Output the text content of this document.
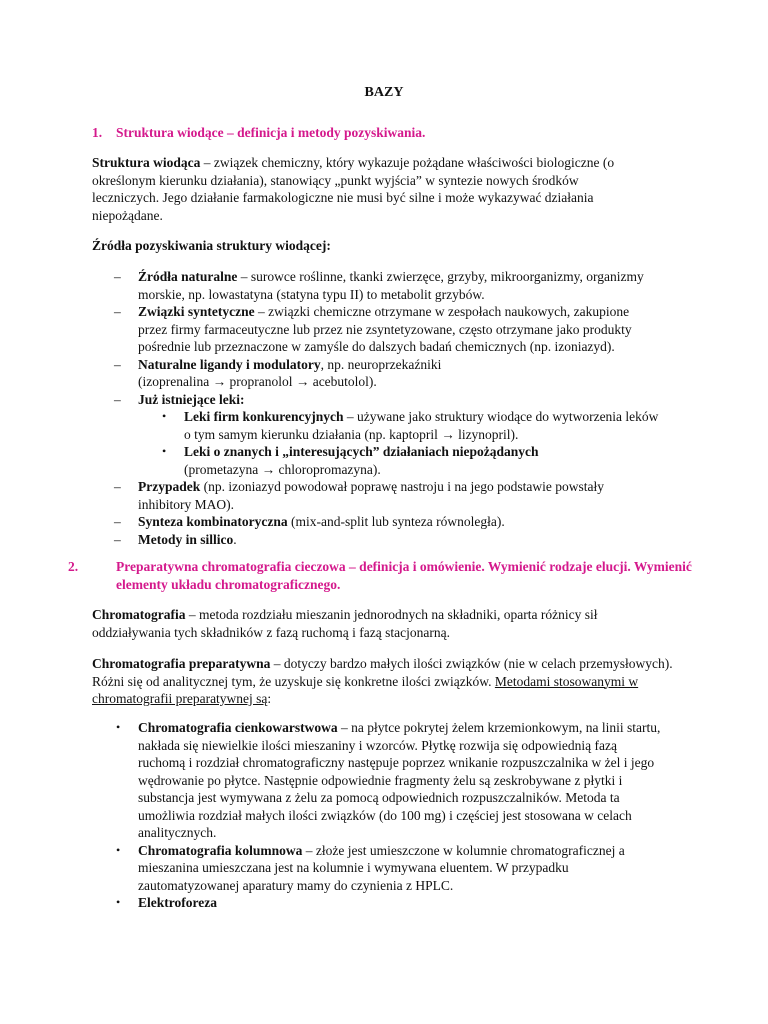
BAZY
1. Struktura wiodące – definicja i metody pozyskiwania.

Struktura wiodąca – związek chemiczny, który wykazuje pożądane właściwości biologiczne (o określonym kierunku działania), stanowiący „punkt wyjścia” w syntezie nowych środków leczniczych. Jego działanie farmakologiczne nie musi być silne i może wykazywać działania niepożądane.

Źródła pozyskiwania struktury wiodącej:

– Źródła naturalne – surowce roślinne, tkanki zwierzęce, grzyby, mikroorganizmy, organizmy morskie, np. lowastatyna (statyna typu II) to metabolit grzybów.
– Związki syntetyczne – związki chemiczne otrzymane w zespołach naukowych, zakupione przez firmy farmaceutyczne lub przez nie zsyntetyzowane, często otrzymane jako produkty pośrednie lub przeznaczone w zamyśle do dalszych badań chemicznych (np. izoniazyd).
– Naturalne ligandy i modulatory, np. neuroprzekaźniki
(izoprenalina → propranolol → acebutolol).
– Już istniejące leki:
• Leki firm konkurencyjnych – używane jako struktury wiodące do wytworzenia leków o tym samym kierunku działania (np. kaptopril → lizynopril).
• Leki o znanych i „interesujących” działaniach niepożądanych
(prometazyna → chloropromazyna).
– Przypadek (np. izoniazyd powodował poprawę nastroju i na jego podstawie powstały inhibitory MAO).
– Synteza kombinatoryczna (mix-and-split lub synteza równoległa).
– Metody in sillico.
2.	Preparatywna chromatografia cieczowa – definicja i omówienie. Wymienić rodzaje elucji. Wymienić elementy układu chromatograficznego.

Chromatografia – metoda rozdziału mieszanin jednorodnych na składniki, oparta różnicy sił oddziaływania tych składników z fazą ruchomą i fazą stacjonarną.

Chromatografia preparatywna – dotyczy bardzo małych ilości związków (nie w celach przemysłowych). Różni się od analitycznej tym, że uzyskuje się konkretne ilości związków. Metodami stosowanymi w chromatografii preparatywnej są:

• Chromatografia cienkowarstwowa – na płytce pokrytej żelem krzemionkowym, na linii startu, nakłada się niewielkie ilości mieszaniny i wzorców. Płytkę rozwija się odpowiednią fazą ruchomą i rozdział chromatograficzny następuje poprzez wnikanie rozpuszczalnika w żel i jego wędrowanie po płytce. Następnie odpowiednie fragmenty żelu są zeskrobywane z płytki i substancja jest wymywana z żelu za pomocą odpowiednich rozpuszczalników. Metoda ta umożliwia rozdział małych ilości związków (do 100 mg) i częściej jest stosowana w celach analitycznych.
• Chromatografia kolumnowa – złoże jest umieszczone w kolumnie chromatograficznej a mieszanina umieszczana jest na kolumnie i wymywana eluentem. W przypadku zautomatyzowanej aparatury mamy do czynienia z HPLC.
• Elektroforeza
